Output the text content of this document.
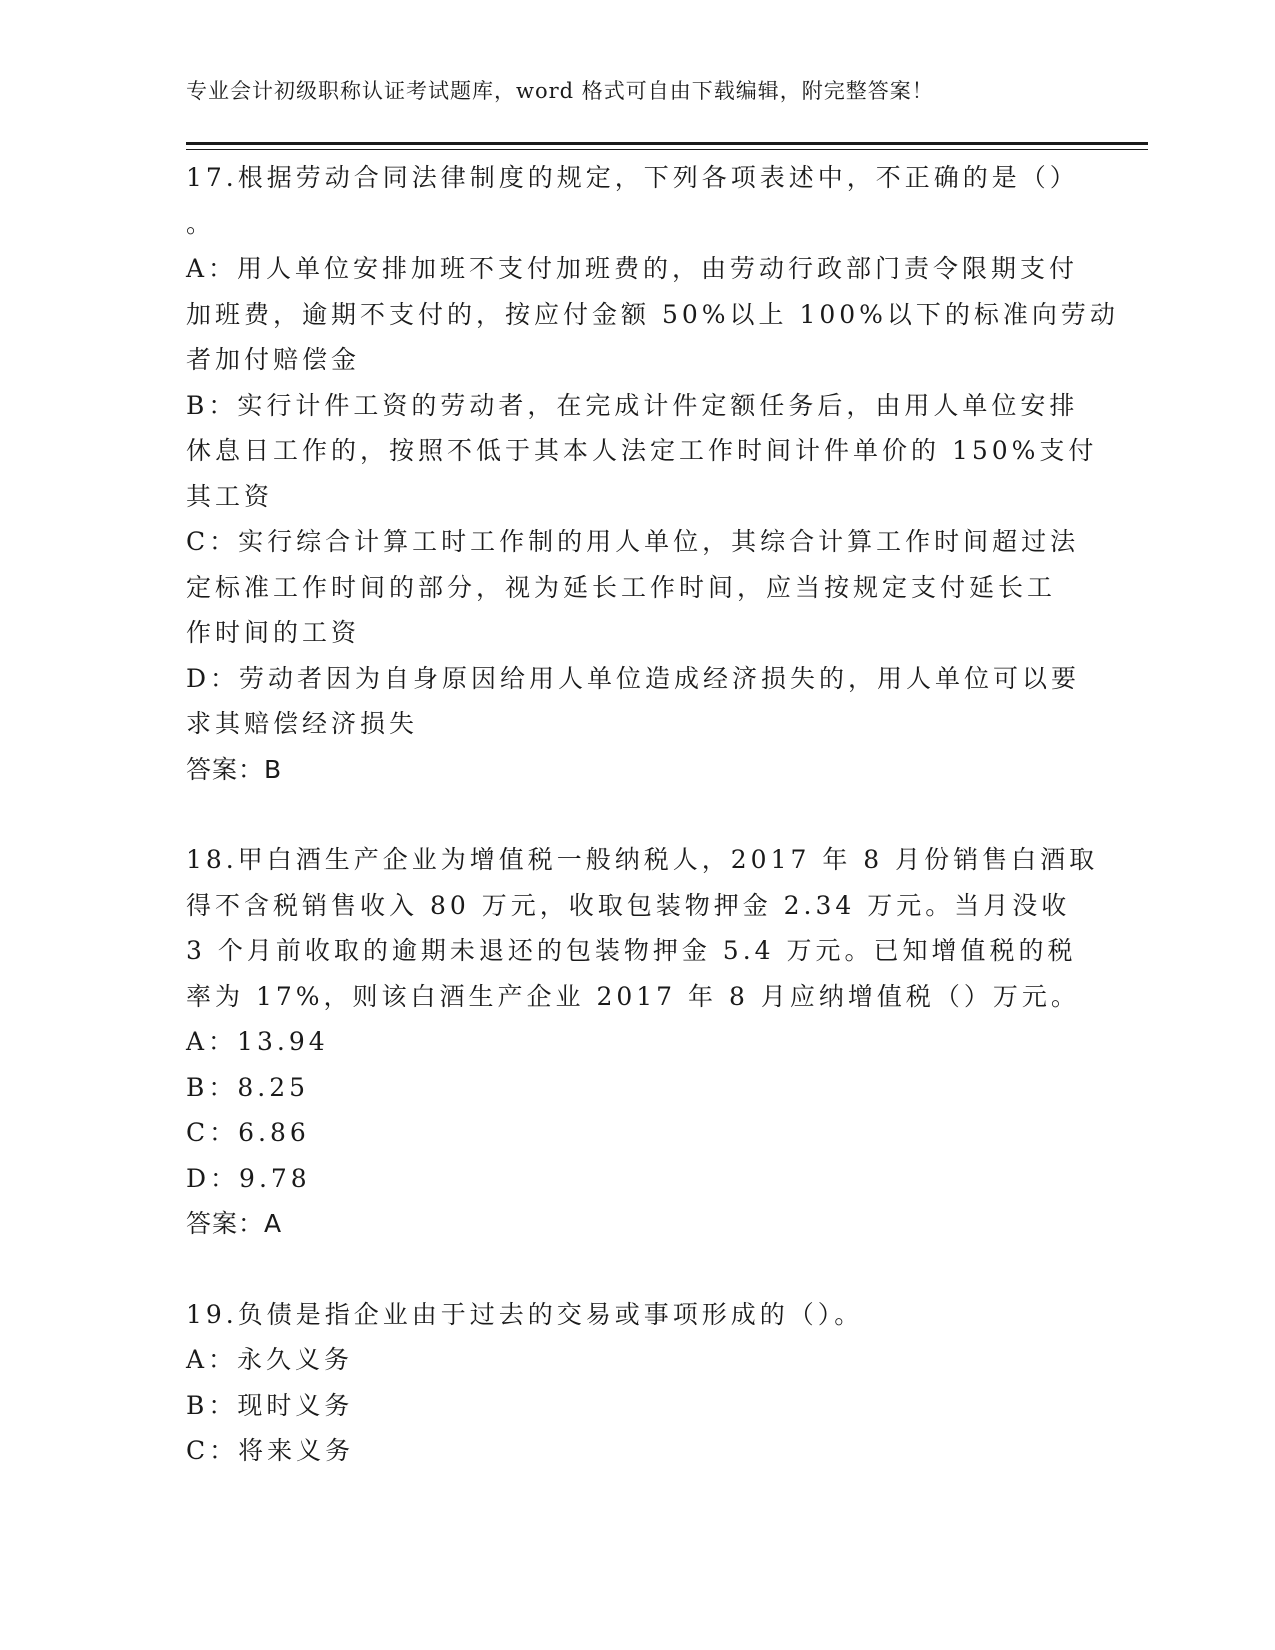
专业会计初级职称认证考试题库，word 格式可自由下载编辑，附完整答案！

17.根据劳动合同法律制度的规定，下列各项表述中，不正确的是（）

。

A：用人单位安排加班不支付加班费的，由劳动行政部门责令限期支付

加班费，逾期不支付的，按应付金额 50%以上 100%以下的标准向劳动

者加付赔偿金

B：实行计件工资的劳动者，在完成计件定额任务后，由用人单位安排

休息日工作的，按照不低于其本人法定工作时间计件单价的 150%支付

其工资

C：实行综合计算工时工作制的用人单位，其综合计算工作时间超过法

定标准工作时间的部分，视为延长工作时间，应当按规定支付延长工

作时间的工资

D：劳动者因为自身原因给用人单位造成经济损失的，用人单位可以要

求其赔偿经济损失

答案：B

18.甲白酒生产企业为增值税一般纳税人，2017 年 8 月份销售白酒取

得不含税销售收入 80 万元，收取包装物押金 2.34 万元。当月没收

3 个月前收取的逾期未退还的包装物押金 5.4 万元。已知增值税的税

率为 17%，则该白酒生产企业 2017 年 8 月应纳增值税（）万元。

A：13.94

B：8.25

C：6.86

D：9.78

答案：A

19.负债是指企业由于过去的交易或事项形成的（）。

A：永久义务

B：现时义务

C：将来义务
